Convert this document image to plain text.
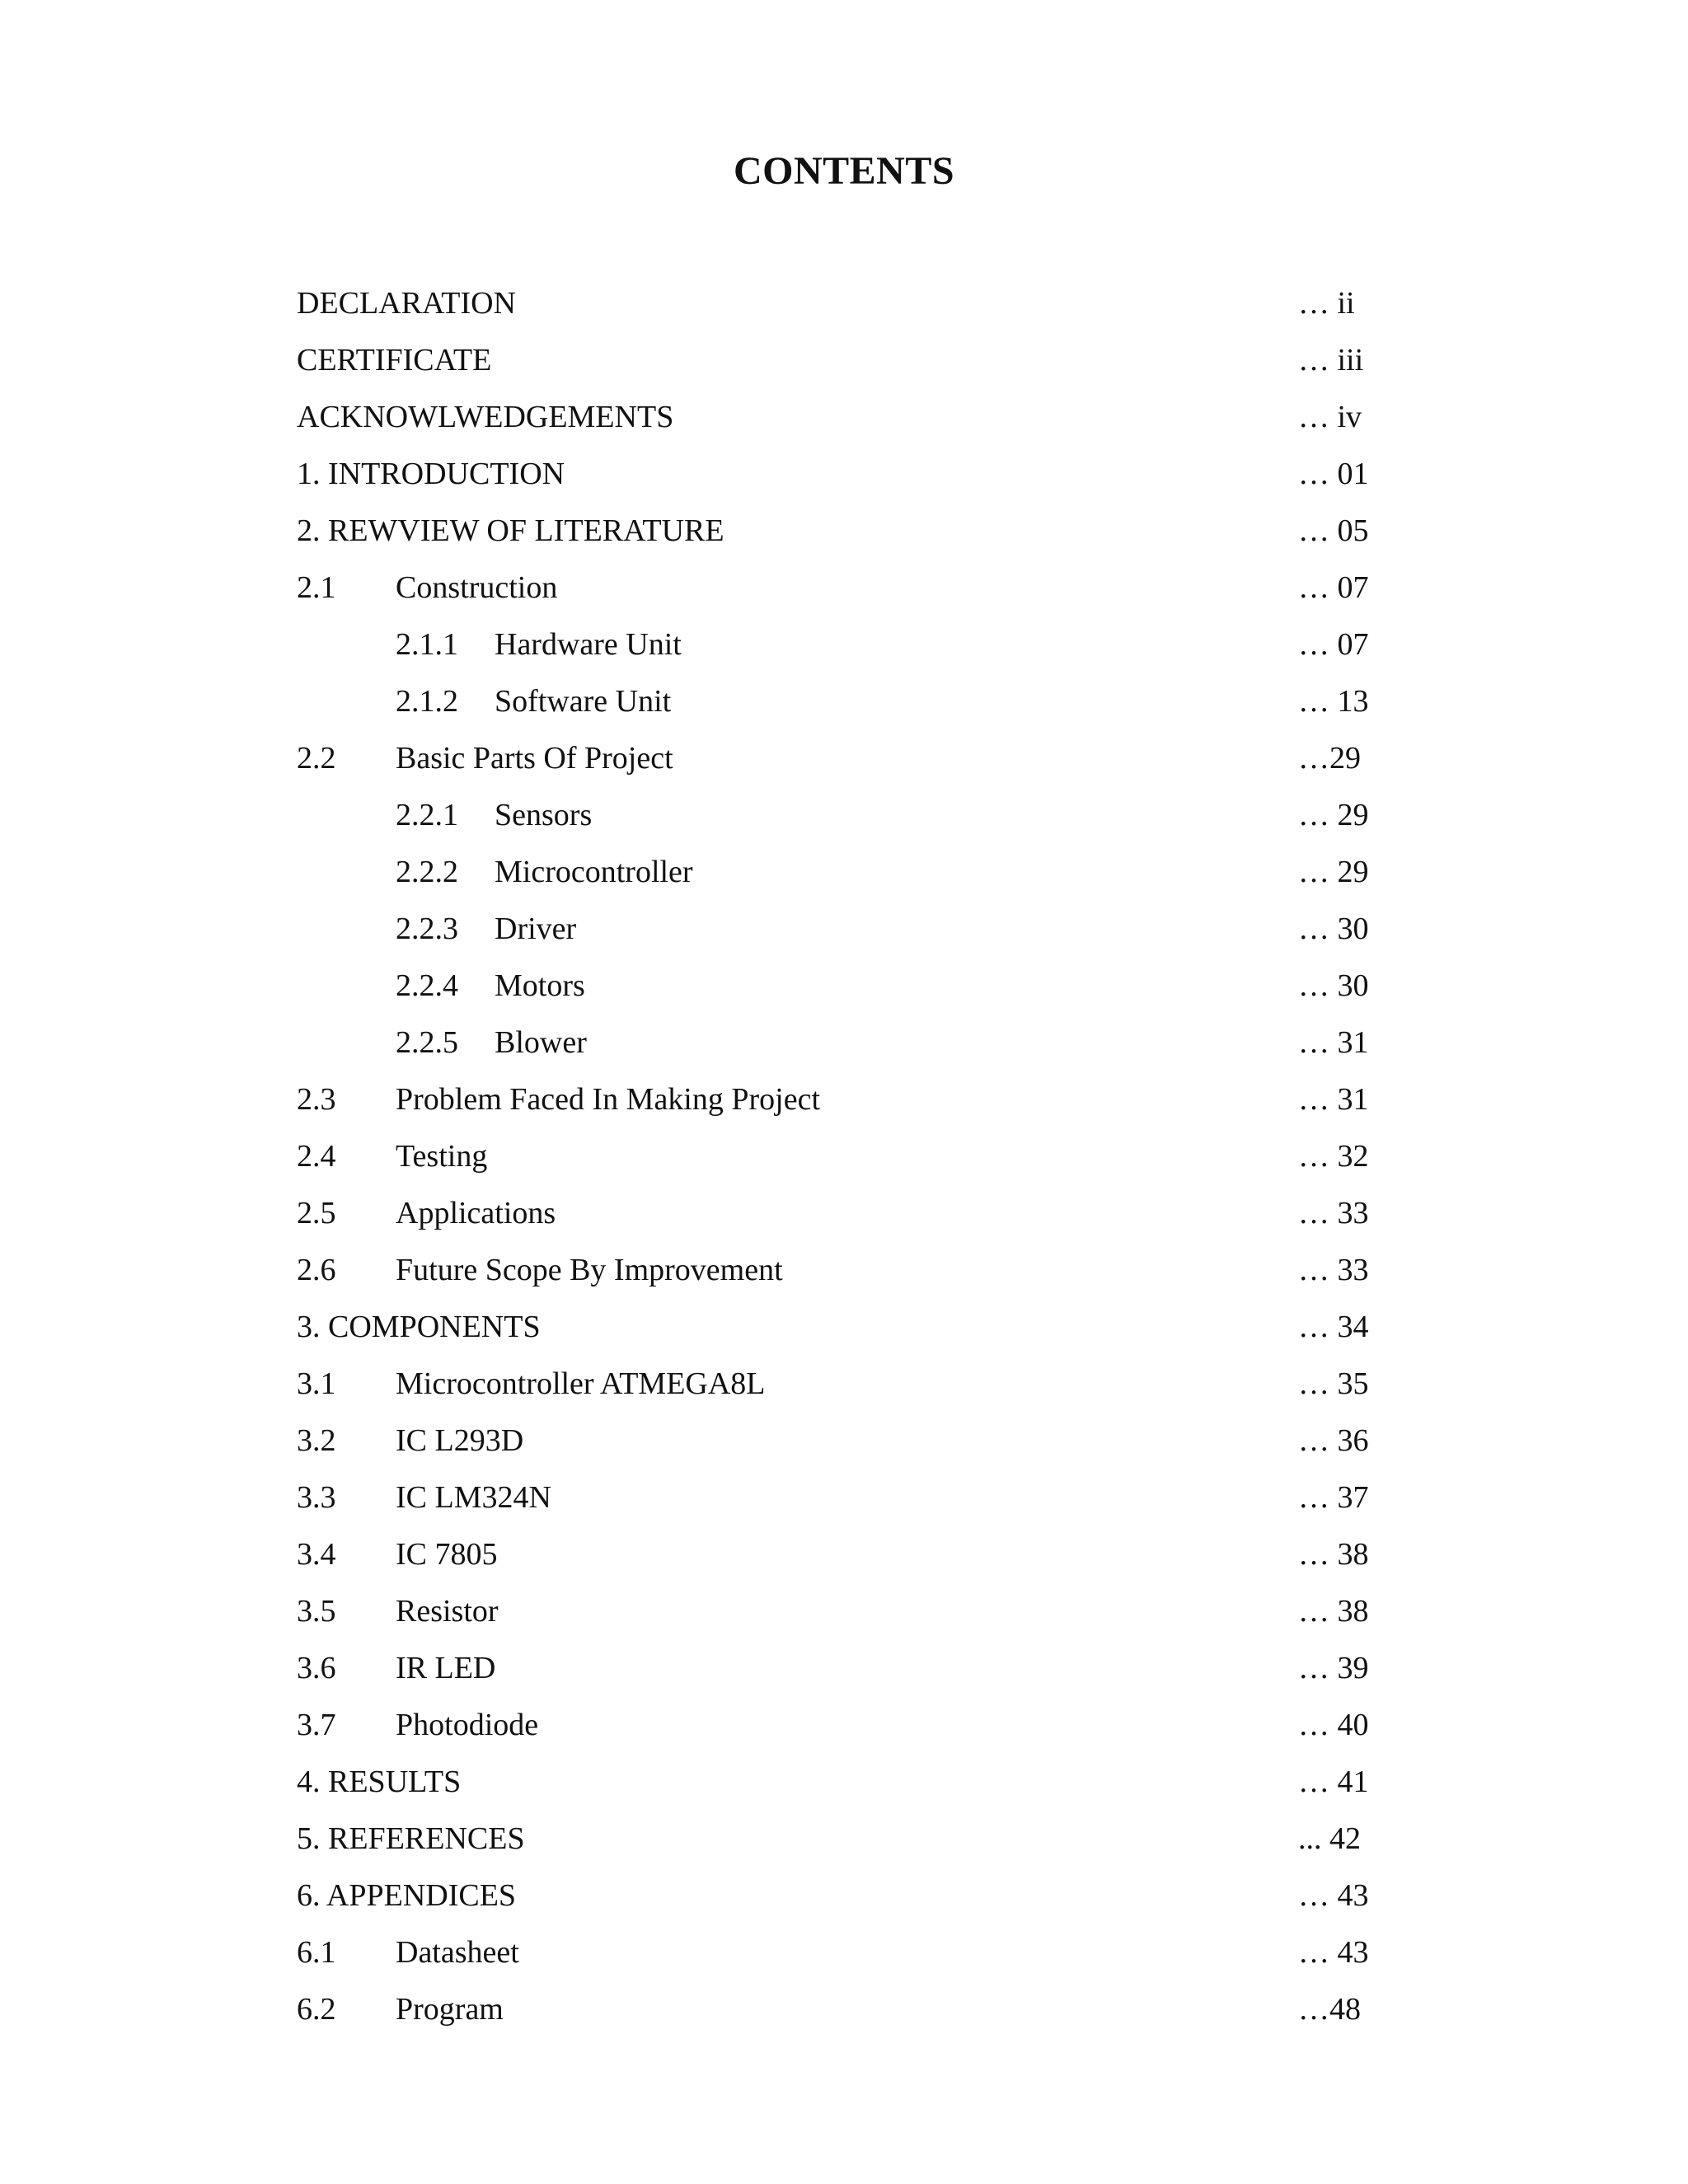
CONTENTS
DECLARATION	… ii
CERTIFICATE	… iii
ACKNOWLWEDGEMENTS	… iv
1. INTRODUCTION	… 01
2. REWVIEW OF LITERATURE	… 05
2.1 Construction	… 07
2.1.1 Hardware Unit	… 07
2.1.2 Software Unit	… 13
2.2 Basic Parts Of Project	…29
2.2.1 Sensors	… 29
2.2.2 Microcontroller	… 29
2.2.3 Driver	… 30
2.2.4 Motors	… 30
2.2.5 Blower	… 31
2.3 Problem Faced In Making Project	… 31
2.4 Testing	… 32
2.5 Applications	… 33
2.6 Future Scope By Improvement	… 33
3. COMPONENTS	… 34
3.1 Microcontroller ATMEGA8L	… 35
3.2 IC L293D	… 36
3.3 IC LM324N	… 37
3.4 IC 7805	… 38
3.5 Resistor	… 38
3.6 IR LED	… 39
3.7 Photodiode	… 40
4. RESULTS	… 41
5. REFERENCES	... 42
6. APPENDICES	… 43
6.1 Datasheet	… 43
6.2 Program	…48
